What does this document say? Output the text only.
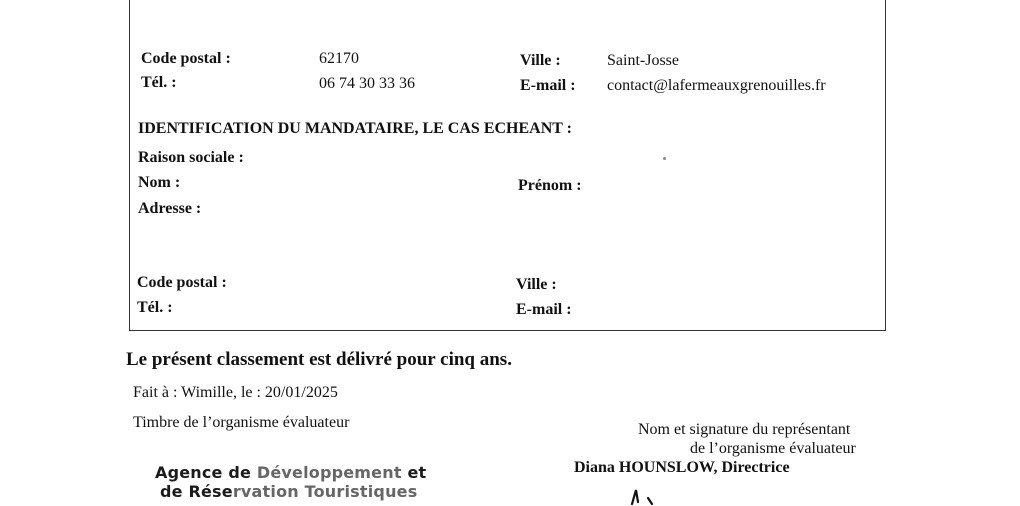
Code postal :	62170	Ville :	Saint-Josse
Tél. :	06 74 30 33 36	E-mail : contact@lafermeauxgrenouilles.fr
IDENTIFICATION DU MANDATAIRE, LE CAS ECHEANT :
Raison sociale :
Nom :	Prénom :
Adresse :
Code postal :	Ville :
Tél. :	E-mail :
Le présent classement est délivré pour cinq ans.
Fait à : Wimille, le : 20/01/2025
Timbre de l’organisme évaluateur	Nom et signature du représentant
de l’organisme évaluateur
Diana HOUNSLOW, Directrice
Agence de Développement et
de Réservation Touristiques
